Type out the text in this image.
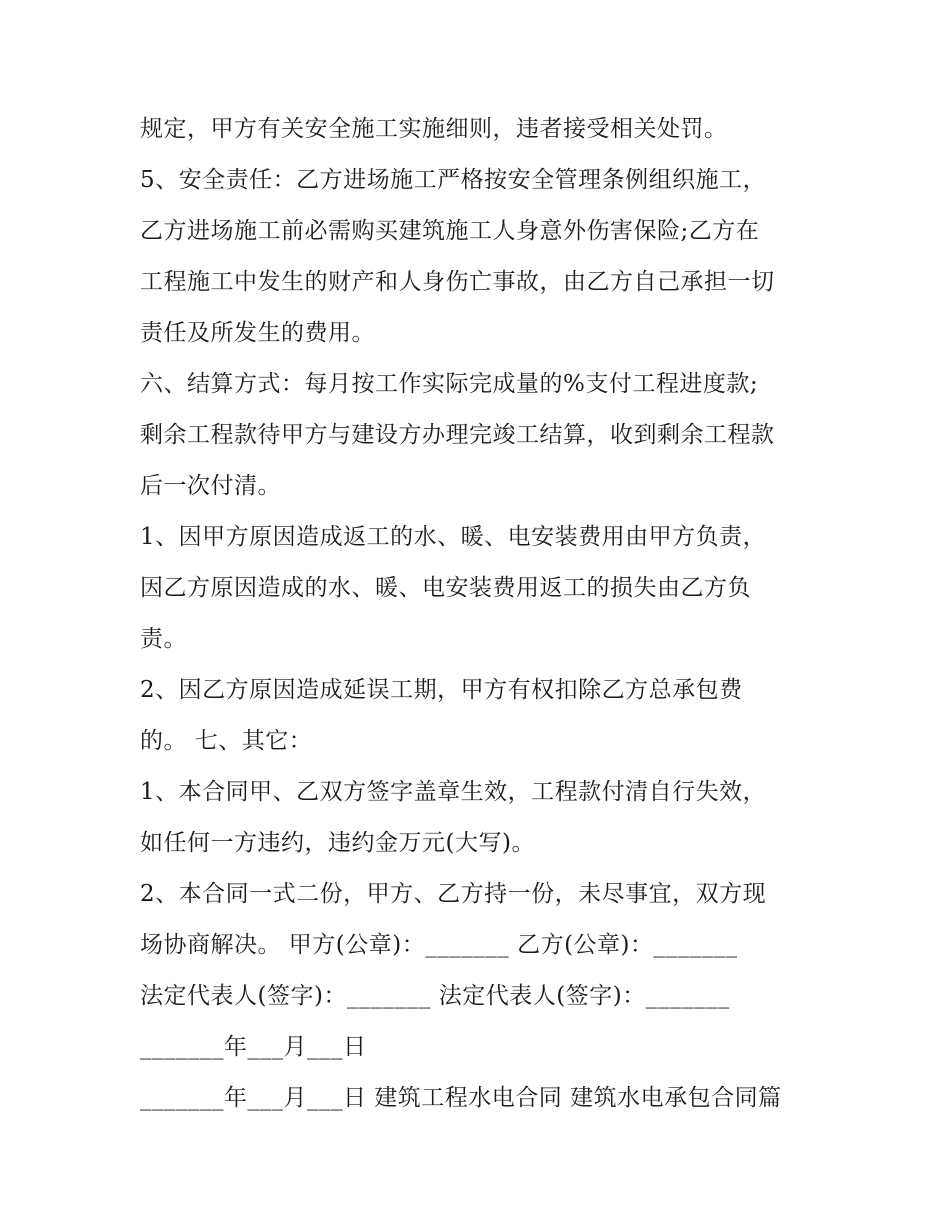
规定，甲方有关安全施工实施细则，违者接受相关处罚。
5、安全责任：乙方进场施工严格按安全管理条例组织施工，
乙方进场施工前必需购买建筑施工人身意外伤害保险;乙方在
工程施工中发生的财产和人身伤亡事故，由乙方自己承担一切
责任及所发生的费用。
六、结算方式：每月按工作实际完成量的%支付工程进度款;
剩余工程款待甲方与建设方办理完竣工结算，收到剩余工程款
后一次付清。
1、因甲方原因造成返工的水、暖、电安装费用由甲方负责，
因乙方原因造成的水、暖、电安装费用返工的损失由乙方负
责。
2、因乙方原因造成延误工期，甲方有权扣除乙方总承包费
的。 七、其它：
1、本合同甲、乙双方签字盖章生效，工程款付清自行失效，
如任何一方违约，违约金万元(大写)。
2、本合同一式二份，甲方、乙方持一份，未尽事宜，双方现
场协商解决。 甲方(公章)：_______ 乙方(公章)：_______
法定代表人(签字)：_______ 法定代表人(签字)：_______
_______年___月___日
_______年___月___日 建筑工程水电合同 建筑水电承包合同篇
